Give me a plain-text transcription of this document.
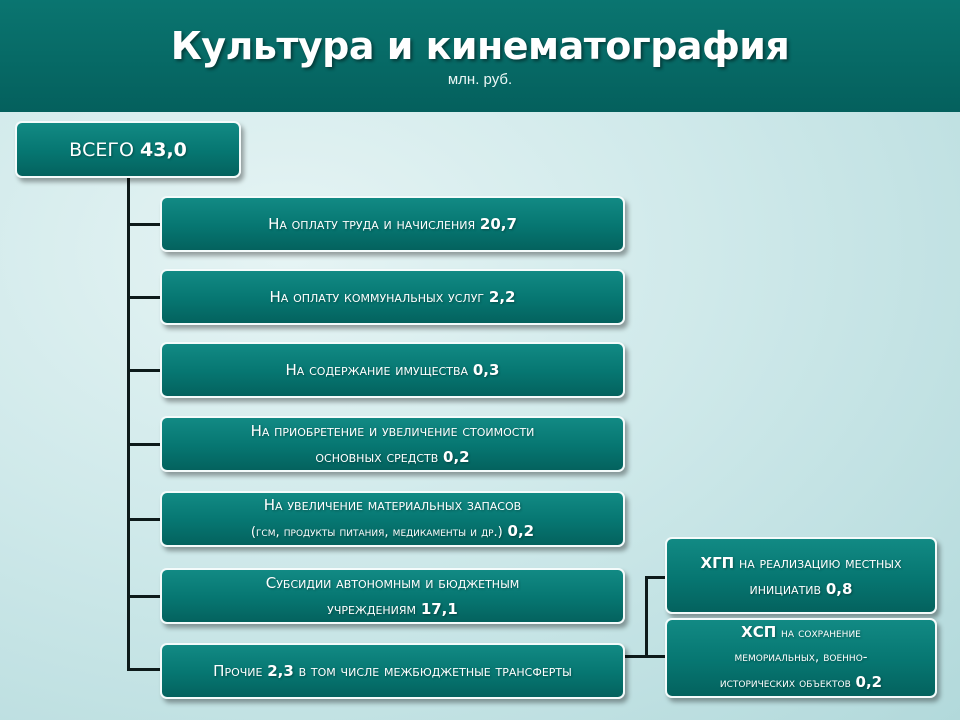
Культура и кинематография
млн. руб.
ВСЕГО 43,0
На оплату труда и начисления 20,7
На оплату коммунальных услуг 2,2
На содержание имущества 0,3
На приобретение и увеличение стоимости
основных средств 0,2
На увеличение материальных запасов
(гсм, продукты питания, медикаменты и др.) 0,2
Субсидии автономным и бюджетным
учреждениям 17,1
Прочие 2,3 в том числе межбюджетные трансферты
ХГП на реализацию местных
инициатив 0,8
ХСП на сохранение
мемориальных, военно-
исторических объектов 0,2
